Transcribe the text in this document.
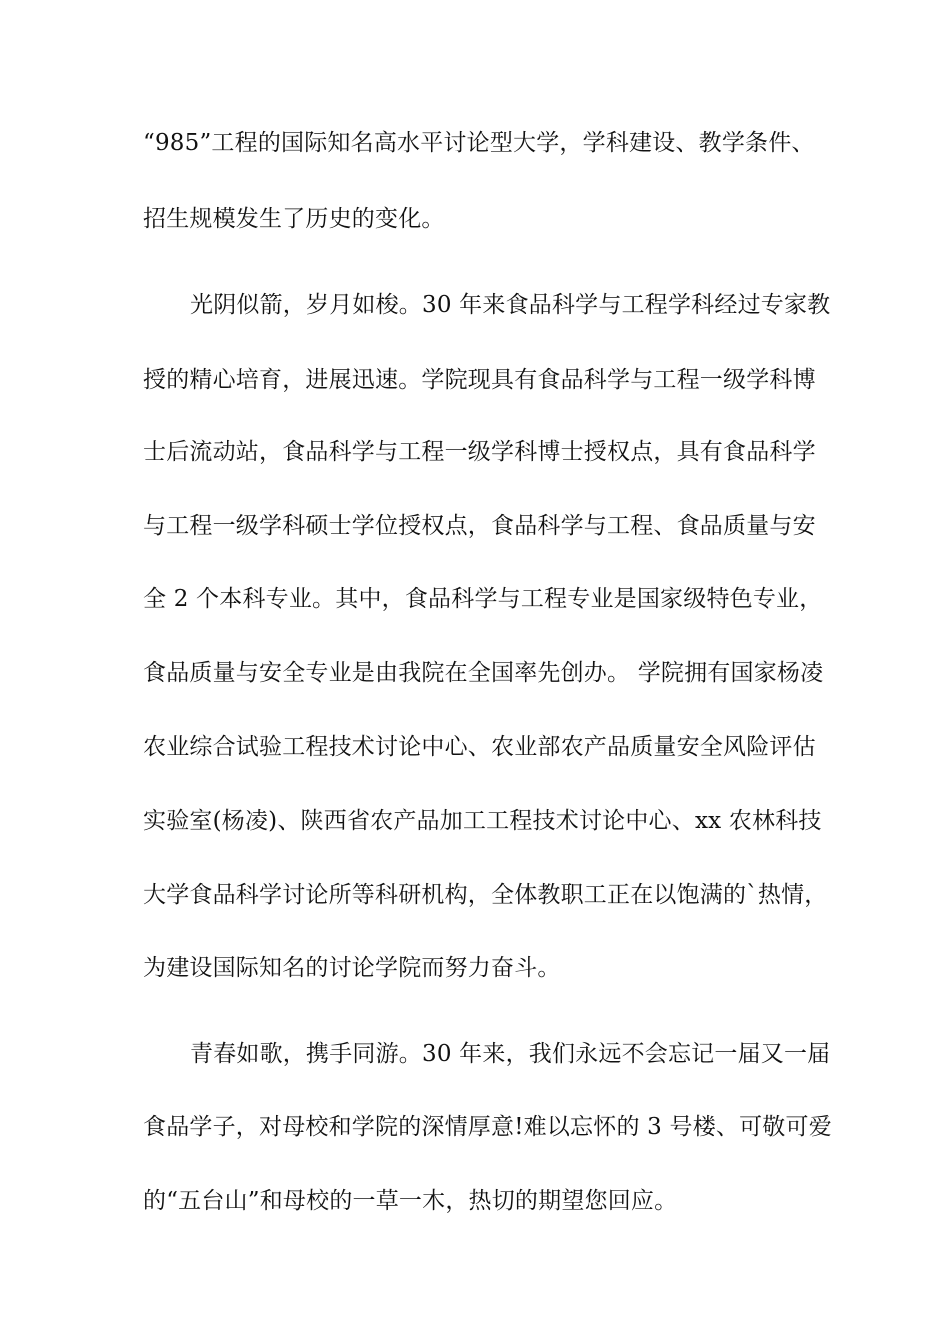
“985”工程的国际知名高水平讨论型大学，学科建设、教学条件、
招生规模发生了历史的变化。
光阴似箭，岁月如梭。30 年来食品科学与工程学科经过专家教
授的精心培育，进展迅速。学院现具有食品科学与工程一级学科博
士后流动站，食品科学与工程一级学科博士授权点，具有食品科学
与工程一级学科硕士学位授权点，食品科学与工程、食品质量与安
全 2 个本科专业。其中，食品科学与工程专业是国家级特色专业，
食品质量与安全专业是由我院在全国率先创办。 学院拥有国家杨凌
农业综合试验工程技术讨论中心、农业部农产品质量安全风险评估
实验室(杨凌)、陕西省农产品加工工程技术讨论中心、xx 农林科技
大学食品科学讨论所等科研机构，全体教职工正在以饱满的`热情，
为建设国际知名的讨论学院而努力奋斗。
青春如歌，携手同游。30 年来，我们永远不会忘记一届又一届
食品学子，对母校和学院的深情厚意!难以忘怀的 3 号楼、可敬可爱
的“五台山”和母校的一草一木，热切的期望您回应。
